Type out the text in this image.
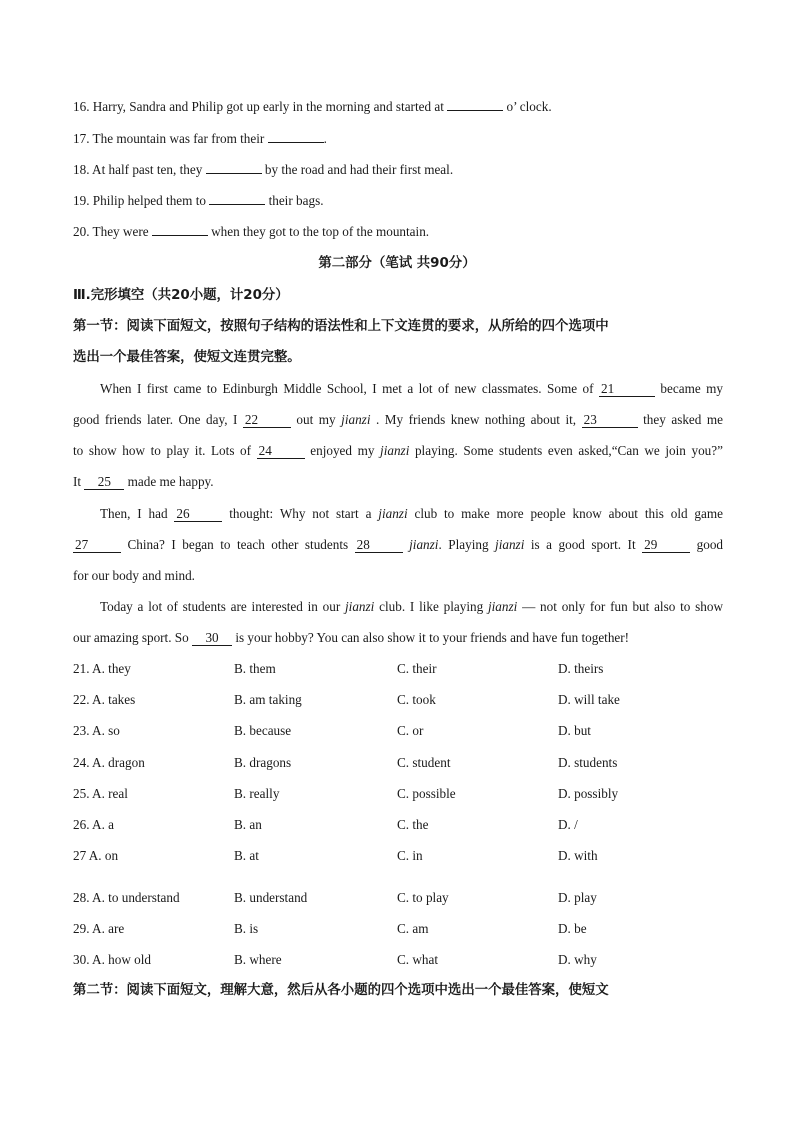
16. Harry, Sandra and Philip got up early in the morning and started at	o’ clock.
17. The mountain was far from their	.
18. At half past ten, they	by the road and had their first meal.
19. Philip helped them to	their bags.
20. They were	when they got to the top of the mountain.
第二部分（笔试 共90分）
Ⅲ.完形填空（共20小题，计20分）
第一节：阅读下面短文，按照句子结构的语法性和上下文连贯的要求，从所给的四个选项中
选出一个最佳答案，使短文连贯完整。
When I first came to Edinburgh Middle School, I met a lot of new classmates. Some of 21	became my
good friends later. One day, I 22 out my jianzi . My friends knew nothing about it, 23	they asked me
to show how to play it. Lots of 24 enjoyed my jianzi playing. Some students even asked,“Can we join you?”
It 25 made me happy.
Then, I had 26 thought: Why not start a jianzi club to make more people know about this old game
27 China? I began to teach other students 28	jianzi. Playing jianzi is a good sport. It 29 good
for our body and mind.
Today a lot of students are interested in our jianzi club. I like playing jianzi — not only for fun but also to show
our amazing sport. So 30 is your hobby? You can also show it to your friends and have fun together!
21. A. they	B. them	C. their	D. theirs
22. A. takes	B. am taking	C. took	D. will take
23. A. so	B. because	C. or	D. but
24. A. dragon	B. dragons	C. student	D. students
25. A. real	B. really	C. possible	D. possibly
26. A. a	B. an	C. the	D. /
27 A. on	B. at	C. in	D. with
28. A. to understand	B. understand	C. to play	D. play
29. A. are	B. is	C. am	D. be
30. A. how old	B. where	C. what	D. why
第二节：阅读下面短文，理解大意，然后从各小题的四个选项中选出一个最佳答案，使短文
